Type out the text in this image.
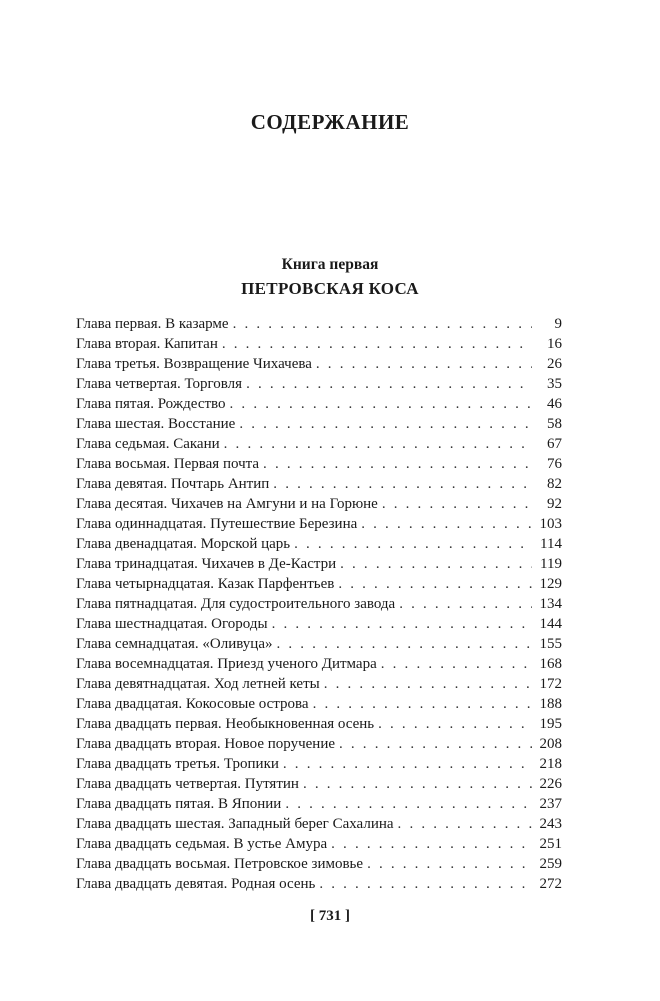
СОДЕРЖАНИЕ
Книга первая
ПЕТРОВСКАЯ КОСА
Глава первая. В казарме . . .	9
Глава вторая. Капитан . . .	16
Глава третья. Возвращение Чихачева . . .	26
Глава четвертая. Торговля . . .	35
Глава пятая. Рождество . . .	46
Глава шестая. Восстание . . .	58
Глава седьмая. Сакани . . .	67
Глава восьмая. Первая почта . . .	76
Глава девятая. Почтарь Антип . . .	82
Глава десятая. Чихачев на Амгуни и на Горюне . . .	92
Глава одиннадцатая. Путешествие Березина . . .	103
Глава двенадцатая. Морской царь . . .	114
Глава тринадцатая. Чихачев в Де-Кастри . . .	119
Глава четырнадцатая. Казак Парфентьев . . .	129
Глава пятнадцатая. Для судостроительного завода . . .	134
Глава шестнадцатая. Огороды . . .	144
Глава семнадцатая. «Оливуца» . . .	155
Глава восемнадцатая. Приезд ученого Дитмара . . .	168
Глава девятнадцатая. Ход летней кеты . . .	172
Глава двадцатая. Кокосовые острова . . .	188
Глава двадцать первая. Необыкновенная осень . . .	195
Глава двадцать вторая. Новое поручение . . .	208
Глава двадцать третья. Тропики . . .	218
Глава двадцать четвертая. Путятин . . .	226
Глава двадцать пятая. В Японии . . .	237
Глава двадцать шестая. Западный берег Сахалина . . .	243
Глава двадцать седьмая. В устье Амура . . .	251
Глава двадцать восьмая. Петровское зимовье . . .	259
Глава двадцать девятая. Родная осень . . .	272
[ 731 ]
